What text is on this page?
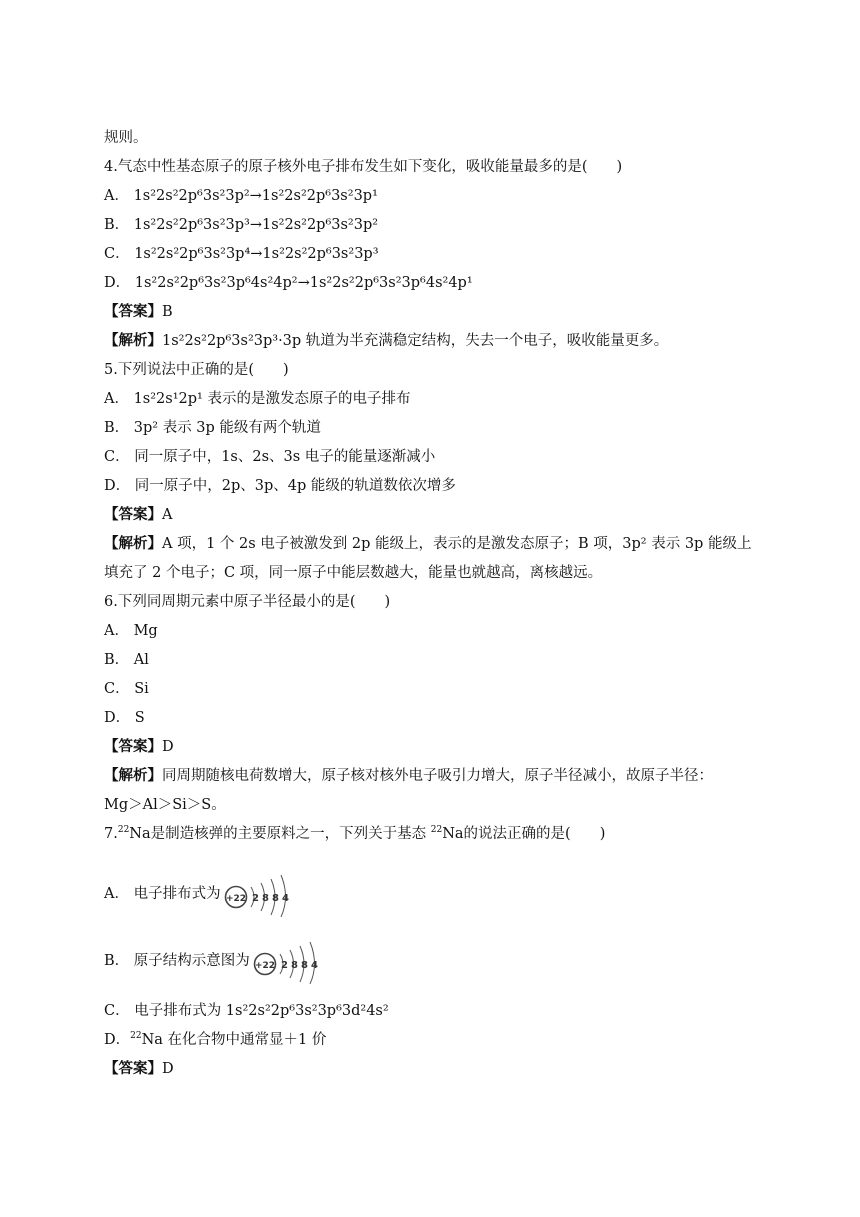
规则。
4.气态中性基态原子的原子核外电子排布发生如下变化，吸收能量最多的是(　　)
A． 1s²2s²2p⁶3s²3p²→1s²2s²2p⁶3s²3p¹
B． 1s²2s²2p⁶3s²3p³→1s²2s²2p⁶3s²3p²
C． 1s²2s²2p⁶3s²3p⁴→1s²2s²2p⁶3s²3p³
D． 1s²2s²2p⁶3s²3p⁶4s²4p²→1s²2s²2p⁶3s²3p⁶4s²4p¹
【答案】B
【解析】1s²2s²2p⁶3s²3p³·3p 轨道为半充满稳定结构，失去一个电子，吸收能量更多。
5.下列说法中正确的是(　　)
A． 1s²2s¹2p¹ 表示的是激发态原子的电子排布
B． 3p² 表示 3p 能级有两个轨道
C． 同一原子中，1s、2s、3s 电子的能量逐渐减小
D． 同一原子中，2p、3p、4p 能级的轨道数依次增多
【答案】A
【解析】A 项，1 个 2s 电子被激发到 2p 能级上，表示的是激发态原子；B 项，3p² 表示 3p 能级上
填充了 2 个电子；C 项，同一原子中能层数越大，能量也就越高，离核越远。
6.下列同周期元素中原子半径最小的是(　　)
A． Mg
B． Al
C． Si
D． S
【答案】D
【解析】同周期随核电荷数增大，原子核对核外电子吸引力增大，原子半径减小，故原子半径：
Mg＞Al＞Si＞S。
7.22Na是制造核弹的主要原料之一，下列关于基态 $^{22}$Na的说法正确的是(　　)
A． 电子排布式为 +22 2 8 8 4
B． 原子结构示意图为 +22 2 8 8 4
C． 电子排布式为 1s²2s²2p⁶3s²3p⁶3d²4s²
D．$^{22}$Na 在化合物中通常显＋1 价
【答案】D
